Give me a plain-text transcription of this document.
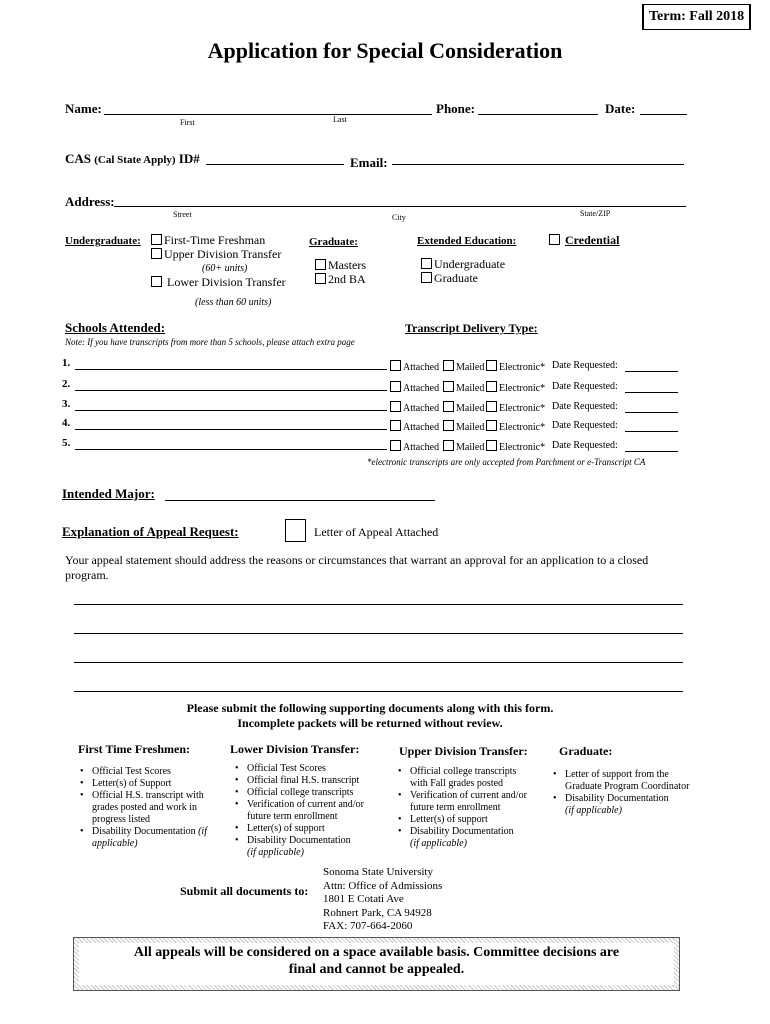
Term: Fall 2018
Application for Special Consideration
Name:
First	Last
Phone:	Date:
CAS (Cal State Apply) ID#	Email:
Address:
Street	City	State/ZIP
Undergraduate:	First-Time Freshman
Upper Division Transfer
(60+ units)
Lower Division Transfer
(less than 60 units)
Graduate:
Masters
2nd BA
Extended Education:
Undergraduate
Graduate
Credential
Schools Attended:	Transcript Delivery Type:
Note: If you have transcripts from more than 5 schools, please attach extra page
1.	Attached	Mailed	Electronic* Date Requested:
2.	Attached	Mailed	Electronic* Date Requested:
3.	Attached	Mailed	Electronic* Date Requested:
4.	Attached	Mailed	Electronic* Date Requested:
5.	Attached	Mailed	Electronic* Date Requested:
*electronic transcripts are only accepted from Parchment or e-Transcript CA
Intended Major:
Explanation of Appeal Request:	Letter of Appeal Attached
Your appeal statement should address the reasons or circumstances that warrant an approval for an application to a closed
program.
Please submit the following supporting documents along with this form.
Incomplete packets will be returned without review.
First Time Freshmen:	Lower Division Transfer:	Upper Division Transfer:	Graduate:
• Official Test Scores
• Letter(s) of Support
• Official H.S. transcript with grades posted and work in progress listed
• Disability Documentation (if applicable)
• Official Test Scores
• Official final H.S. transcript
• Official college transcripts
• Verification of current and/or future term enrollment
• Letter(s) of support
• Disability Documentation
(if applicable)
• Official college transcripts with Fall grades posted
• Verification of current and/or future term enrollment
• Letter(s) of support
• Disability Documentation
(if applicable)
• Letter of support from the Graduate Program Coordinator
• Disability Documentation
(if applicable)
Submit all documents to:
Sonoma State University
Attn: Office of Admissions
1801 E Cotati Ave
Rohnert Park, CA 94928
FAX: 707-664-2060
All appeals will be considered on a space available basis. Committee decisions are
final and cannot be appealed.
